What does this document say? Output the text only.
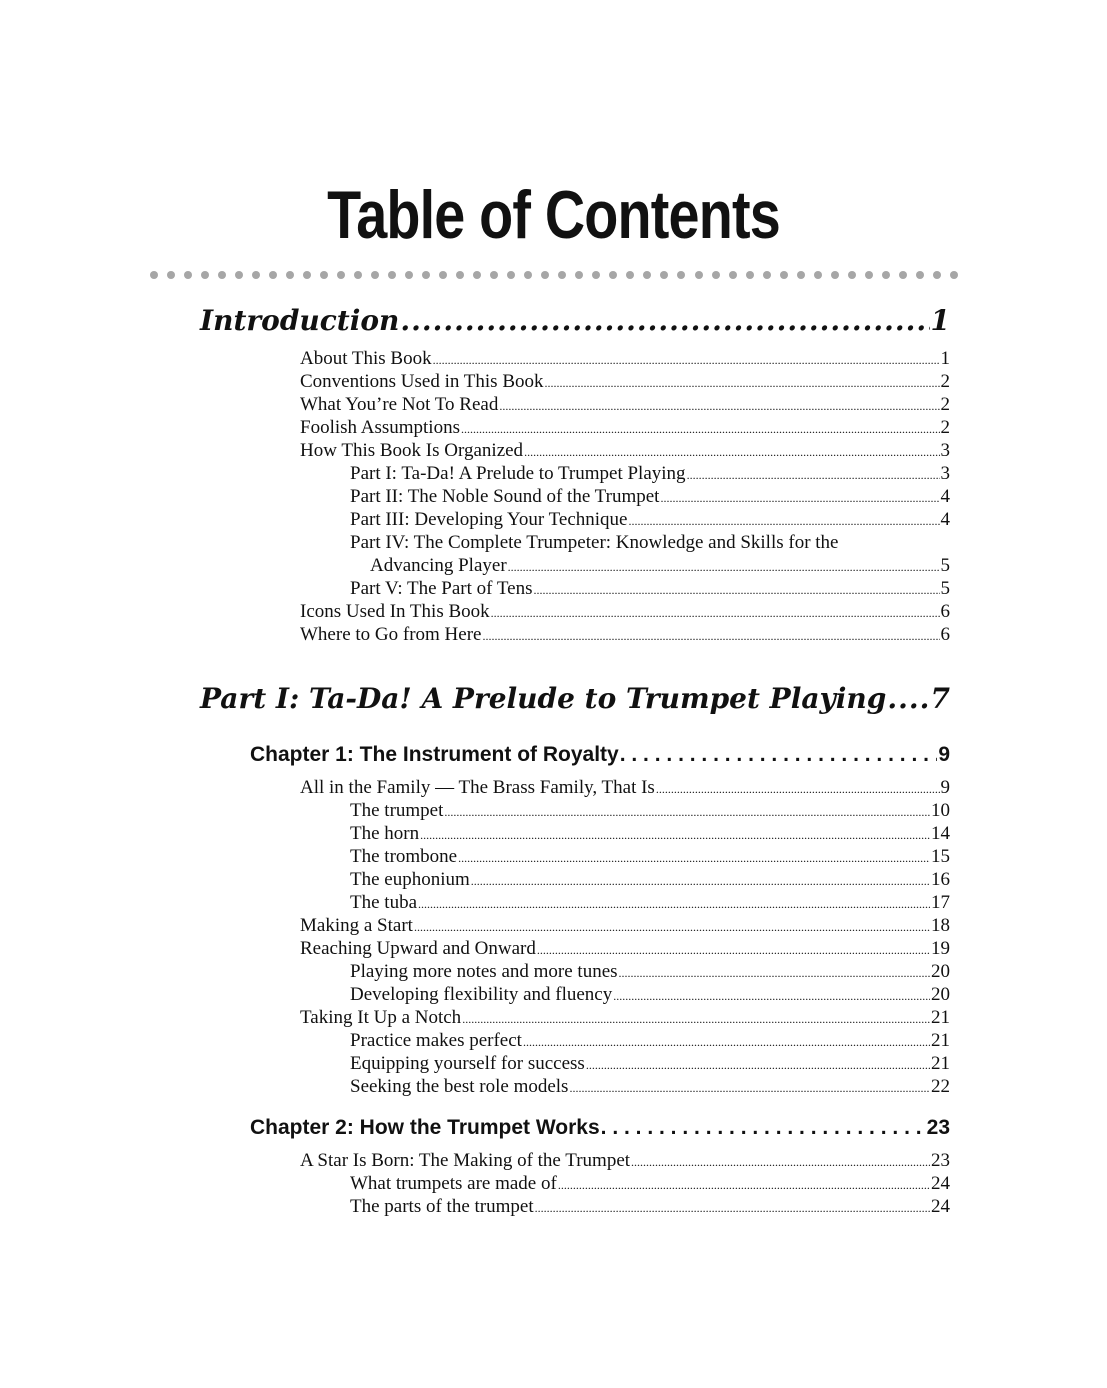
Table of Contents
Introduction .....	1
About This Book .....	1
Conventions Used in This Book .....	2
What You’re Not To Read .....	2
Foolish Assumptions .....	2
How This Book Is Organized .....	3
Part I: Ta-Da! A Prelude to Trumpet Playing .....	3
Part II: The Noble Sound of the Trumpet .....	4
Part III: Developing Your Technique .....	4
Part IV: The Complete Trumpeter: Knowledge and Skills for the
Advancing Player .....	5
Part V: The Part of Tens .....	5
Icons Used In This Book .....	6
Where to Go from Here .....	6
Part I: Ta-Da! A Prelude to Trumpet Playing ..... 7
Chapter 1: The Instrument of Royalty . . .	9
All in the Family — The Brass Family, That Is .....	9
The trumpet .....	10
The horn .....	14
The trombone .....	15
The euphonium .....	16
The tuba .....	17
Making a Start .....	18
Reaching Upward and Onward .....	19
Playing more notes and more tunes .....	20
Developing flexibility and fluency .....	20
Taking It Up a Notch .....	21
Practice makes perfect .....	21
Equipping yourself for success .....	21
Seeking the best role models .....	22
Chapter 2: How the Trumpet Works . . .	23
A Star Is Born: The Making of the Trumpet .....	23
What trumpets are made of .....	24
The parts of the trumpet .....	24
